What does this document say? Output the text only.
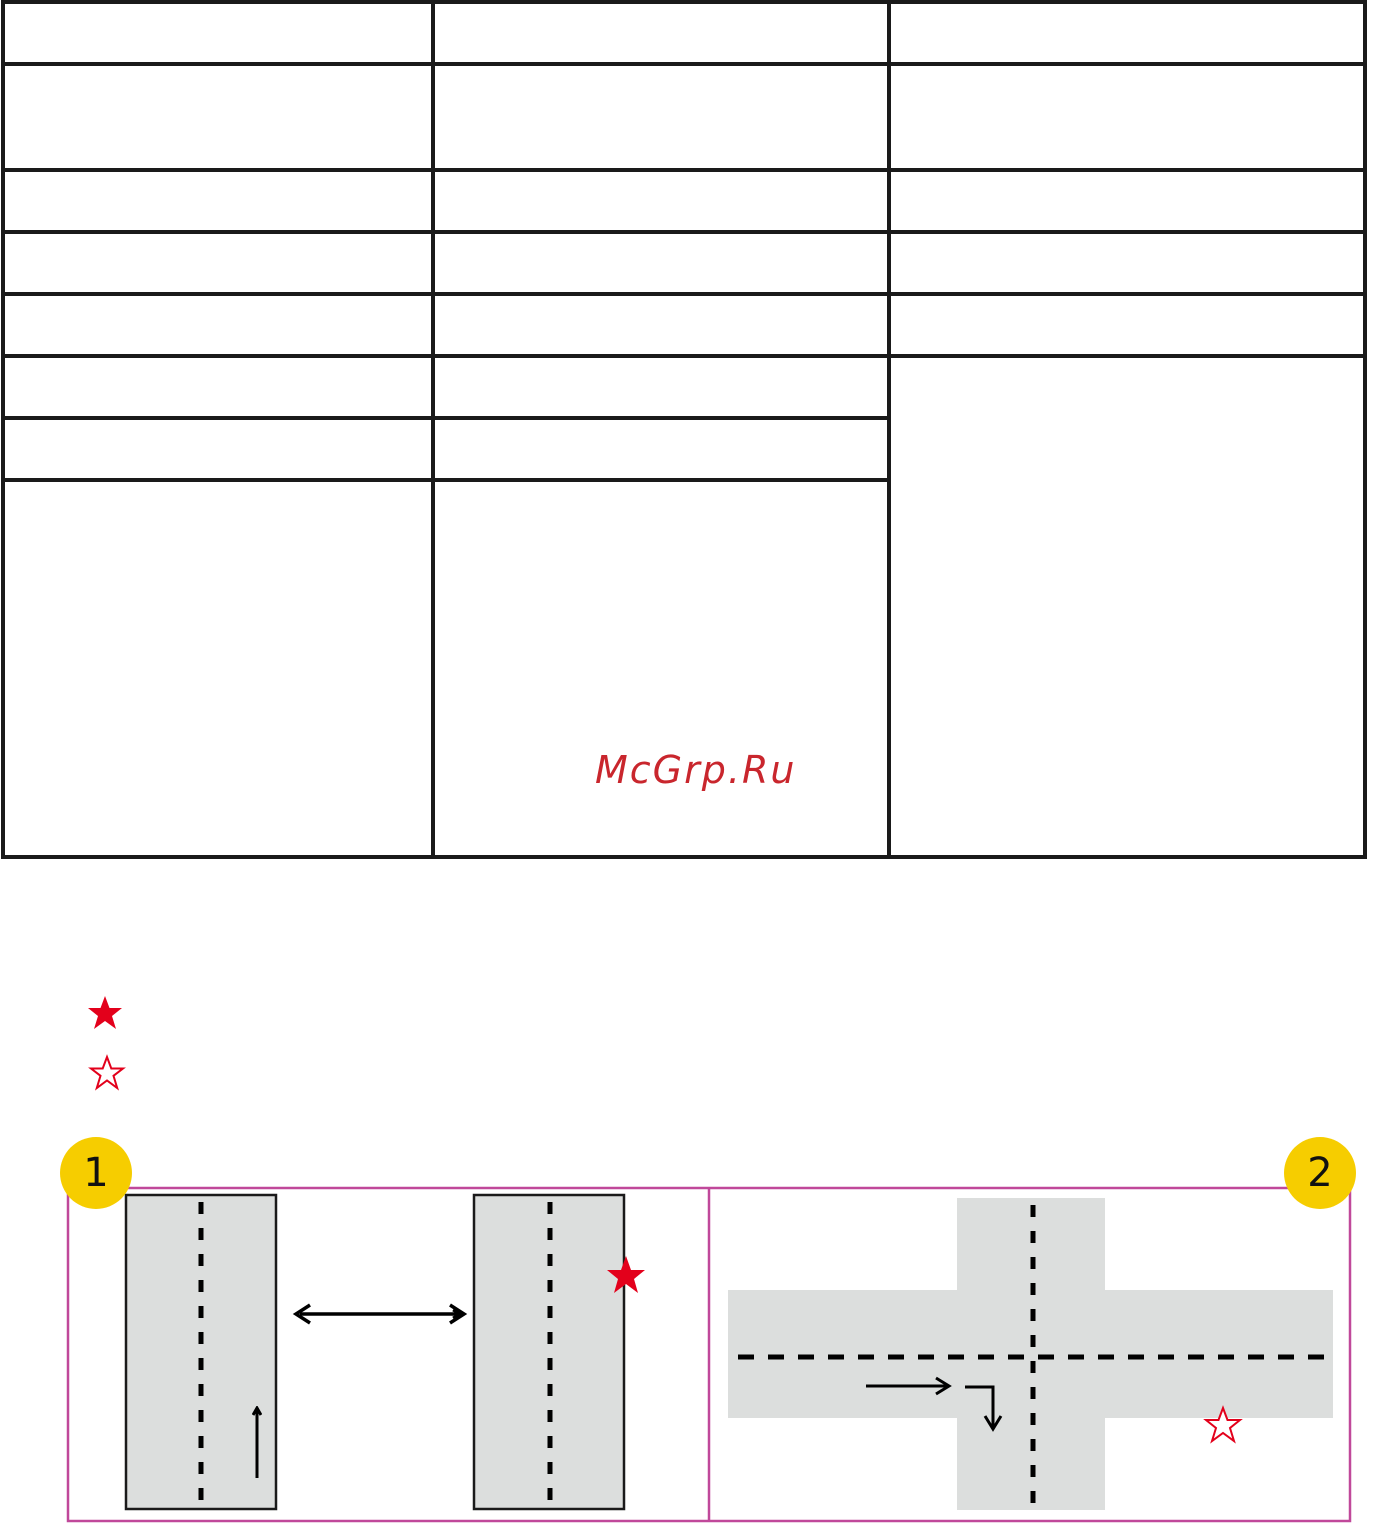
McGrp.Ru
1	2
